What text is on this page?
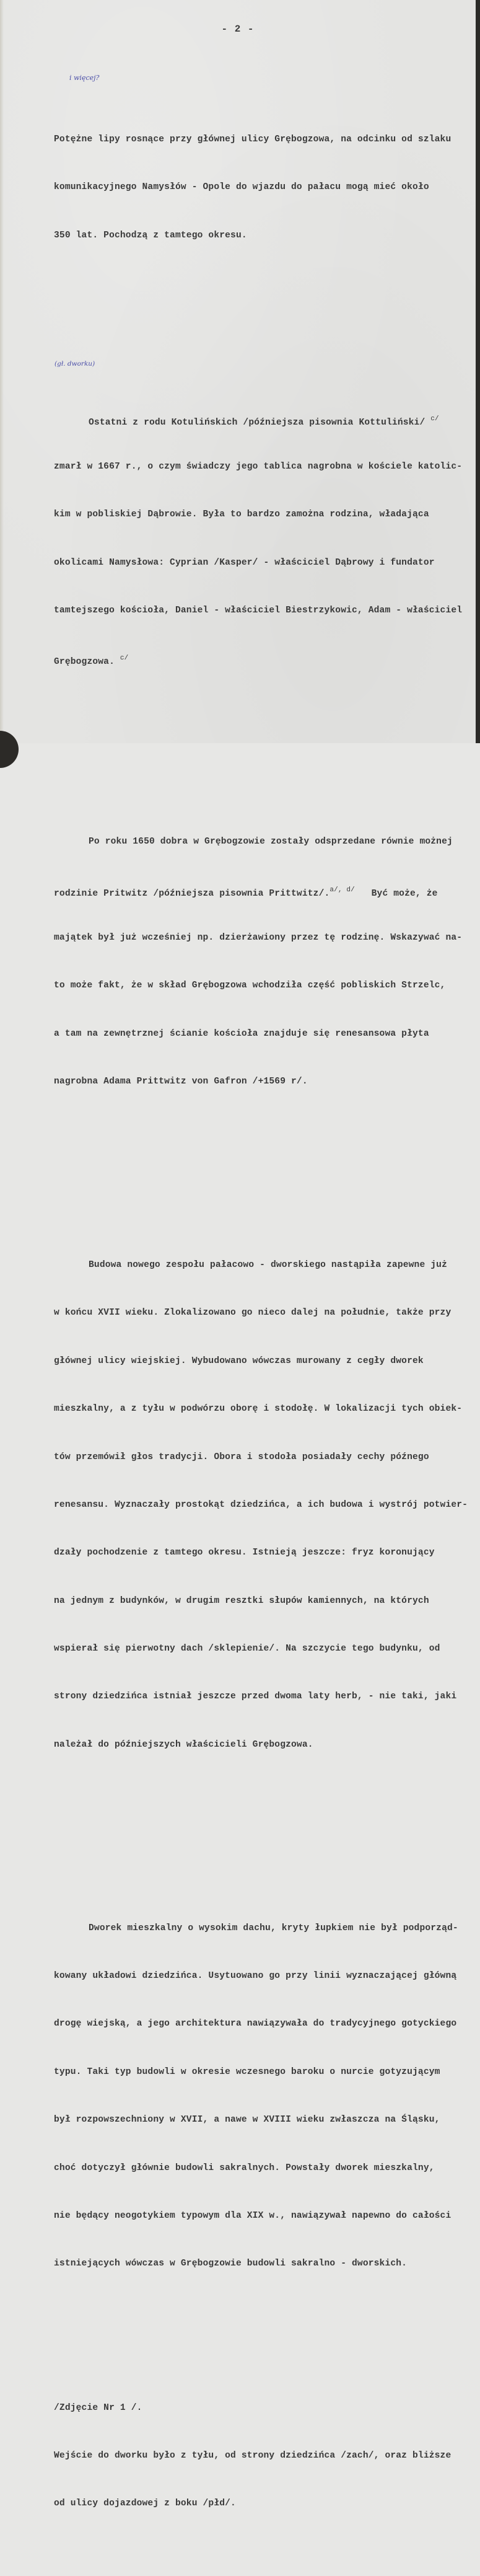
- 2 -

Potężne lipy rosnące przy głównej ulicy Grębogzowa, na odcinku od szlaku

komunikacyjnego Namysłów - Opole do wjazdu do pałacu mogą mieć około

350 lat. Pochodzą z tamtego okresu.

Ostatni z rodu Kotulińskich /późniejsza pisownia Kottuliński/ $^{c/}$

zmarł w 1667 r., o czym świadczy jego tablica nagrobna w kościele katolic-

kim w pobliskiej Dąbrowie. Była to bardzo zamożna rodzina, władająca

okolicami Namysłowa: Cyprian /Kasper/ - właściciel Dąbrowy i fundator

tamtejszego kościoła, Daniel - właściciel Biestrzykowic, Adam - właściciel

Grębogzowa. $^{c/}$

Po roku 1650 dobra w Grębogzowie zostały odsprzedane równie możnej

rodzinie Pritwitz /późniejsza pisownia Prittwitz/.$^{a/, d/}$ Być może, że

majątek był już wcześniej np. dzierżawiony przez tę rodzinę. Wskazywać na-

to może fakt, że w skład Grębogzowa wchodziła część pobliskich Strzelc,

a tam na zewnętrznej ścianie kościoła znajduje się renesansowa płyta

nagrobna Adama Prittwitz von Gafron /+1569 r/.

Budowa nowego zespołu pałacowo - dworskiego nastąpiła zapewne już

w końcu XVII wieku. Zlokalizowano go nieco dalej na południe, także przy

głównej ulicy wiejskiej. Wybudowano wówczas murowany z cegły dworek

mieszkalny, a z tyłu w podwórzu oborę i stodołę. W lokalizacji tych obiek-

tów przemówił głos tradycji. Obora i stodoła posiadały cechy późnego

renesansu. Wyznaczały prostokąt dziedzińca, a ich budowa i wystrój potwier-

dzały pochodzenie z tamtego okresu. Istnieją jeszcze: fryz koronujący

na jednym z budynków, w drugim resztki słupów kamiennych, na których

wspierał się pierwotny dach /sklepienie/. Na szczycie tego budynku, od

strony dziedzińca istniał jeszcze przed dwoma laty herb, - nie taki, jaki

należał do późniejszych właścicieli Grębogzowa.

Dworek mieszkalny o wysokim dachu, kryty łupkiem nie był podporząd-

kowany układowi dziedzińca. Usytuowano go przy linii wyznaczającej główną

drogę wiejską, a jego architektura nawiązywała do tradycyjnego gotyckiego

typu. Taki typ budowli w okresie wczesnego baroku o nurcie gotyzującym

był rozpowszechniony w XVII, a nawe w XVIII wieku zwłaszcza na Śląsku,

choć dotyczył głównie budowli sakralnych. Powstały dworek mieszkalny,

nie będący neogotykiem typowym dla XIX w., nawiązywał napewno do całości

istniejących wówczas w Grębogzowie budowli sakralno - dworskich.

/Zdjęcie Nr 1 /.

Wejście do dworku było z tyłu, od strony dziedzińca /zach/, oraz bliższe

od ulicy dojazdowej z boku /płd/.

i więcej?
(gł. dworku)
